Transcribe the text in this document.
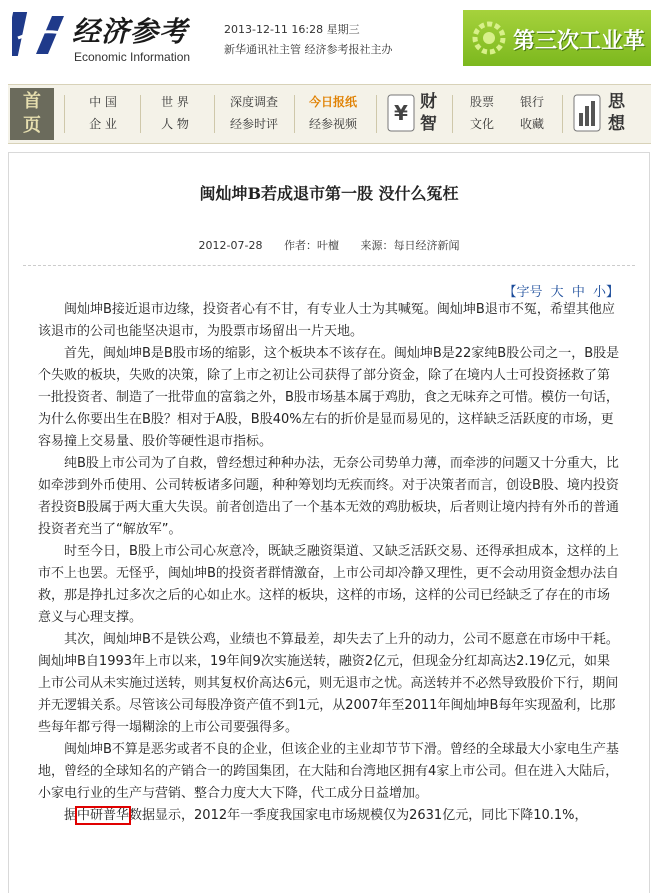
经济参考
Economic Information
2013-12-11 16:28 星期三
新华通讯社主管 经济参考报社主办	第三次工业革
首
页
中 国
企 业
世 界
人 物
深度调查
经参时评
今日报纸
经参视频	¥ 财
智
股票
文化
银行
收藏
思
想
闽灿坤B若成退市第一股 没什么冤枉
2012-07-28 作者：叶檀 来源：每日经济新闻
【字号 大 中 小】

闽灿坤B接近退市边缘，投资者心有不甘，有专业人士为其喊冤。闽灿坤B退市不冤，希望其他应该退市的公司也能坚决退市，为股票市场留出一片天地。

首先，闽灿坤B是B股市场的缩影，这个板块本不该存在。闽灿坤B是22家纯B股公司之一，B股是个失败的板块，失败的决策，除了上市之初让公司获得了部分资金，除了在境内人士可投资拯救了第一批投资者、制造了一批带血的富翁之外，B股市场基本属于鸡肋，食之无味弃之可惜。模仿一句话，为什么你要出生在B股？相对于A股，B股40%左右的折价是显而易见的，这样缺乏活跃度的市场，更容易撞上交易量、股价等硬性退市指标。

纯B股上市公司为了自救，曾经想过种种办法，无奈公司势单力薄，而牵涉的问题又十分重大，比如牵涉到外币使用、公司转板诸多问题，种种筹划均无疾而终。对于决策者而言，创设B股、境内投资者投资B股属于两大重大失误。前者创造出了一个基本无效的鸡肋板块，后者则让境内持有外币的普通投资者充当了“解放军”。

时至今日，B股上市公司心灰意冷，既缺乏融资渠道、又缺乏活跃交易、还得承担成本，这样的上市不上也罢。无怪乎，闽灿坤B的投资者群情激奋，上市公司却冷静又理性，更不会动用资金想办法自救，那是挣扎过多次之后的心如止水。这样的板块，这样的市场，这样的公司已经缺乏了存在的市场意义与心理支撑。

其次，闽灿坤B不是铁公鸡，业绩也不算最差，却失去了上升的动力，公司不愿意在市场中干耗。闽灿坤B自1993年上市以来，19年间9次实施送转，融资2亿元，但现金分红却高达2.19亿元，如果上市公司从未实施过送转，则其复权价高达6元，则无退市之忧。高送转并不必然导致股价下行，期间并无逻辑关系。尽管该公司每股净资产值不到1元，从2007年至2011年闽灿坤B每年实现盈利，比那些每年都亏得一塌糊涂的上市公司要强得多。

闽灿坤B不算是恶劣或者不良的企业，但该企业的主业却节节下滑。曾经的全球最大小家电生产基地，曾经的全球知名的产销合一的跨国集团，在大陆和台湾地区拥有4家上市公司。但在进入大陆后，小家电行业的生产与营销、整合力度大大下降，代工成分日益增加。

据中研普华数据显示，2012年一季度我国家电市场规模仅为2631亿元，同比下降10.1%，
